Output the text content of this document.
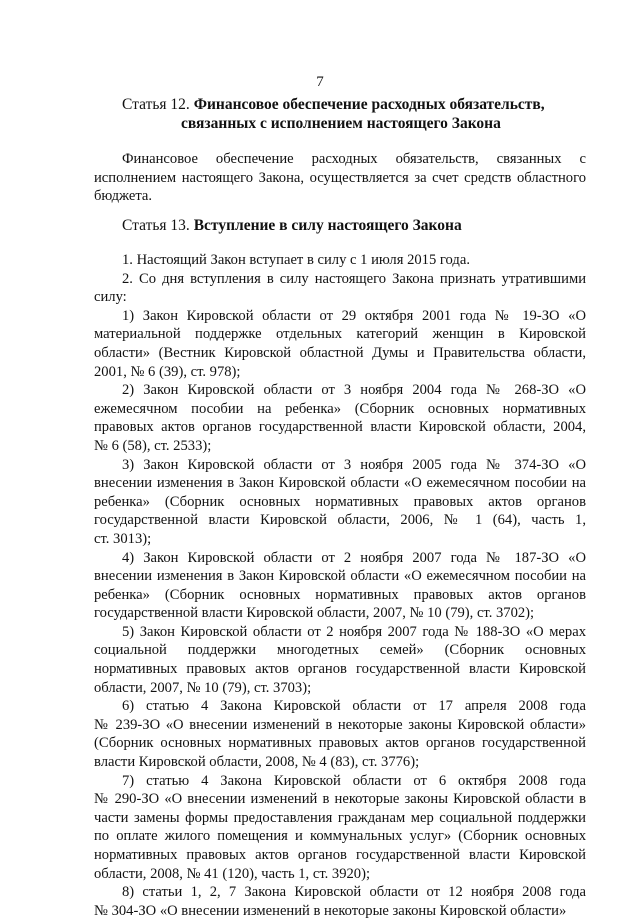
7
Статья 12. Финансовое обеспечение расходных обязательств,
связанных с исполнением настоящего Закона
Финансовое обеспечение расходных обязательств, связанных с
исполнением настоящего Закона, осуществляется за счет средств областного
бюджета.
Статья 13. Вступление в силу настоящего Закона
1. Настоящий Закон вступает в силу с 1 июля 2015 года.
2. Со дня вступления в силу настоящего Закона признать утратившими
силу:
1) Закон Кировской области от 29 октября 2001 года № 19-ЗО «О
материальной поддержке отдельных категорий женщин в Кировской
области» (Вестник Кировской областной Думы и Правительства области,
2001, № 6 (39), ст. 978);
2) Закон Кировской области от 3 ноября 2004 года № 268-ЗО «О
ежемесячном пособии на ребенка» (Сборник основных нормативных
правовых актов органов государственной власти Кировской области, 2004,
№ 6 (58), ст. 2533);
3) Закон Кировской области от 3 ноября 2005 года № 374-ЗО «О
внесении изменения в Закон Кировской области «О ежемесячном пособии на
ребенка» (Сборник основных нормативных правовых актов органов
государственной власти Кировской области, 2006, № 1 (64), часть 1,
ст. 3013);
4) Закон Кировской области от 2 ноября 2007 года № 187-ЗО «О
внесении изменения в Закон Кировской области «О ежемесячном пособии на
ребенка» (Сборник основных нормативных правовых актов органов
государственной власти Кировской области, 2007, № 10 (79), ст. 3702);
5) Закон Кировской области от 2 ноября 2007 года № 188-ЗО «О мерах
социальной поддержки многодетных семей» (Сборник основных
нормативных правовых актов органов государственной власти Кировской
области, 2007, № 10 (79), ст. 3703);
6) статью 4 Закона Кировской области от 17 апреля 2008 года
№ 239-ЗО «О внесении изменений в некоторые законы Кировской области»
(Сборник основных нормативных правовых актов органов государственной
власти Кировской области, 2008, № 4 (83), ст. 3776);
7) статью 4 Закона Кировской области от 6 октября 2008 года
№ 290-ЗО «О внесении изменений в некоторые законы Кировской области в
части замены формы предоставления гражданам мер социальной поддержки
по оплате жилого помещения и коммунальных услуг» (Сборник основных
нормативных правовых актов органов государственной власти Кировской
области, 2008, № 41 (120), часть 1, ст. 3920);
8) статьи 1, 2, 7 Закона Кировской области от 12 ноября 2008 года
№ 304-ЗО «О внесении изменений в некоторые законы Кировской области»
